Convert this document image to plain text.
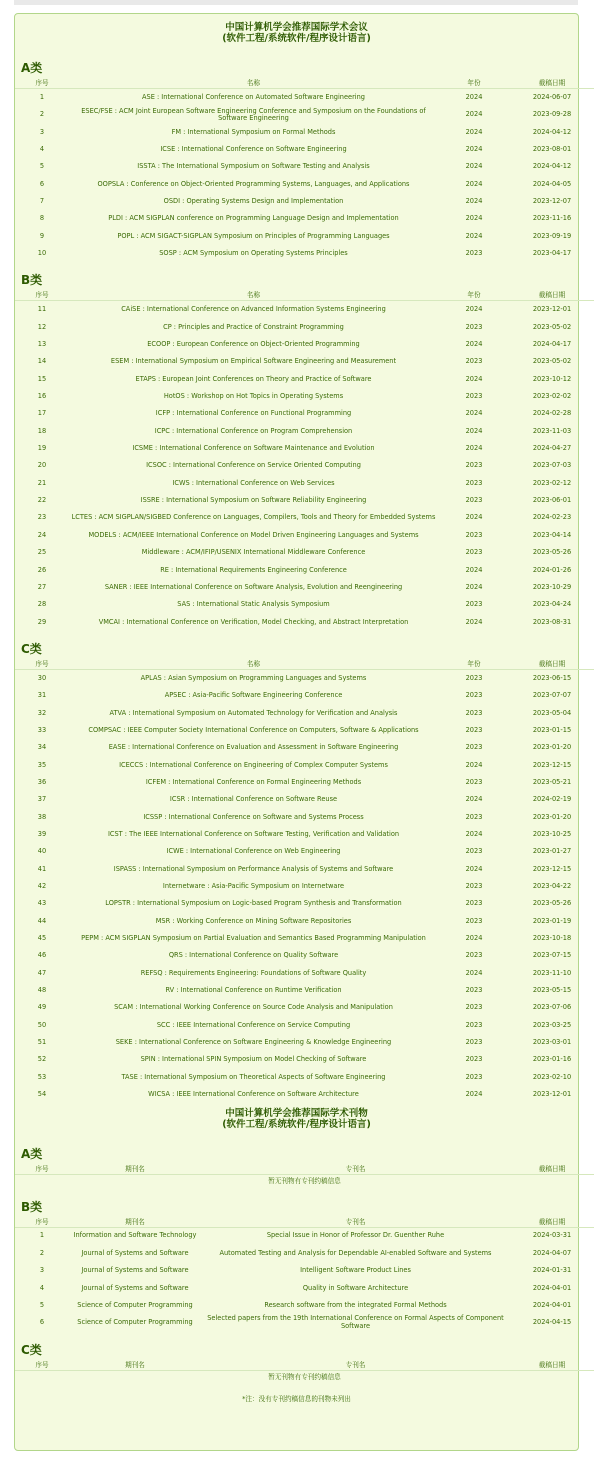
中国计算机学会推荐国际学术会议
(软件工程/系统软件/程序设计语言)
A类
序号	名称	年份	截稿日期
1	ASE : International Conference on Automated Software Engineering	2024	2024-06-07
2	ESEC/FSE : ACM Joint European Software Engineering Conference and Symposium on the Foundations of Software Engineering	2024	2023-09-28
3	FM : International Symposium on Formal Methods	2024	2024-04-12
4	ICSE : International Conference on Software Engineering	2024	2023-08-01
5	ISSTA : The International Symposium on Software Testing and Analysis	2024	2024-04-12
6	OOPSLA : Conference on Object-Oriented Programming Systems, Languages, and Applications	2024	2024-04-05
7	OSDI : Operating Systems Design and Implementation	2024	2023-12-07
8	PLDI : ACM SIGPLAN conference on Programming Language Design and Implementation	2024	2023-11-16
9	POPL : ACM SIGACT-SIGPLAN Symposium on Principles of Programming Languages	2024	2023-09-19
10	SOSP : ACM Symposium on Operating Systems Principles	2023	2023-04-17
B类
序号	名称	年份	截稿日期
11	CAiSE : International Conference on Advanced Information Systems Engineering	2024	2023-12-01
12	CP : Principles and Practice of Constraint Programming	2023	2023-05-02
13	ECOOP : European Conference on Object-Oriented Programming	2024	2024-04-17
14	ESEM : International Symposium on Empirical Software Engineering and Measurement	2023	2023-05-02
15	ETAPS : European Joint Conferences on Theory and Practice of Software	2024	2023-10-12
16	HotOS : Workshop on Hot Topics in Operating Systems	2023	2023-02-02
17	ICFP : International Conference on Functional Programming	2024	2024-02-28
18	ICPC : International Conference on Program Comprehension	2024	2023-11-03
19	ICSME : International Conference on Software Maintenance and Evolution	2024	2024-04-27
20	ICSOC : International Conference on Service Oriented Computing	2023	2023-07-03
21	ICWS : International Conference on Web Services	2023	2023-02-12
22	ISSRE : International Symposium on Software Reliability Engineering	2023	2023-06-01
23	LCTES : ACM SIGPLAN/SIGBED Conference on Languages, Compilers, Tools and Theory for Embedded Systems	2024	2024-02-23
24	MODELS : ACM/IEEE International Conference on Model Driven Engineering Languages and Systems	2023	2023-04-14
25	Middleware : ACM/IFIP/USENIX International Middleware Conference	2023	2023-05-26
26	RE : International Requirements Engineering Conference	2024	2024-01-26
27	SANER : IEEE International Conference on Software Analysis, Evolution and Reengineering	2024	2023-10-29
28	SAS : International Static Analysis Symposium	2023	2023-04-24
29	VMCAI : International Conference on Verification, Model Checking, and Abstract Interpretation	2024	2023-08-31
C类
序号	名称	年份	截稿日期
30	APLAS : Asian Symposium on Programming Languages and Systems	2023	2023-06-15
31	APSEC : Asia-Pacific Software Engineering Conference	2023	2023-07-07
32	ATVA : International Symposium on Automated Technology for Verification and Analysis	2023	2023-05-04
33	COMPSAC : IEEE Computer Society International Conference on Computers, Software & Applications	2023	2023-01-15
34	EASE : International Conference on Evaluation and Assessment in Software Engineering	2023	2023-01-20
35	ICECCS : International Conference on Engineering of Complex Computer Systems	2024	2023-12-15
36	ICFEM : International Conference on Formal Engineering Methods	2023	2023-05-21
37	ICSR : International Conference on Software Reuse	2024	2024-02-19
38	ICSSP : International Conference on Software and Systems Process	2023	2023-01-20
39	ICST : The IEEE International Conference on Software Testing, Verification and Validation	2024	2023-10-25
40	ICWE : International Conference on Web Engineering	2023	2023-01-27
41	ISPASS : International Symposium on Performance Analysis of Systems and Software	2024	2023-12-15
42	Internetware : Asia-Pacific Symposium on Internetware	2023	2023-04-22
43	LOPSTR : International Symposium on Logic-based Program Synthesis and Transformation	2023	2023-05-26
44	MSR : Working Conference on Mining Software Repositories	2023	2023-01-19
45	PEPM : ACM SIGPLAN Symposium on Partial Evaluation and Semantics Based Programming Manipulation	2024	2023-10-18
46	QRS : International Conference on Quality Software	2023	2023-07-15
47	REFSQ : Requirements Engineering: Foundations of Software Quality	2024	2023-11-10
48	RV : International Conference on Runtime Verification	2023	2023-05-15
49	SCAM : International Working Conference on Source Code Analysis and Manipulation	2023	2023-07-06
50	SCC : IEEE International Conference on Service Computing	2023	2023-03-25
51	SEKE : International Conference on Software Engineering & Knowledge Engineering	2023	2023-03-01
52	SPIN : International SPIN Symposium on Model Checking of Software	2023	2023-01-16
53	TASE : International Symposium on Theoretical Aspects of Software Engineering	2023	2023-02-10
54	WICSA : IEEE International Conference on Software Architecture	2024	2023-12-01
中国计算机学会推荐国际学术刊物
(软件工程/系统软件/程序设计语言)
A类
序号	期刊名	专刊名	截稿日期
暂无刊物有专刊约稿信息
B类
序号	期刊名	专刊名	截稿日期
1	Information and Software Technology	Special Issue in Honor of Professor Dr. Guenther Ruhe	2024-03-31
2	Journal of Systems and Software	Automated Testing and Analysis for Dependable AI-enabled Software and Systems	2024-04-07
3	Journal of Systems and Software	Intelligent Software Product Lines	2024-01-31
4	Journal of Systems and Software	Quality in Software Architecture	2024-04-01
5	Science of Computer Programming	Research software from the integrated Formal Methods	2024-04-01
6	Science of Computer Programming	Selected papers from the 19th International Conference on Formal Aspects of Component Software	2024-04-15
C类
序号	期刊名	专刊名	截稿日期
暂无刊物有专刊约稿信息
*注：没有专刊约稿信息的刊物未列出
